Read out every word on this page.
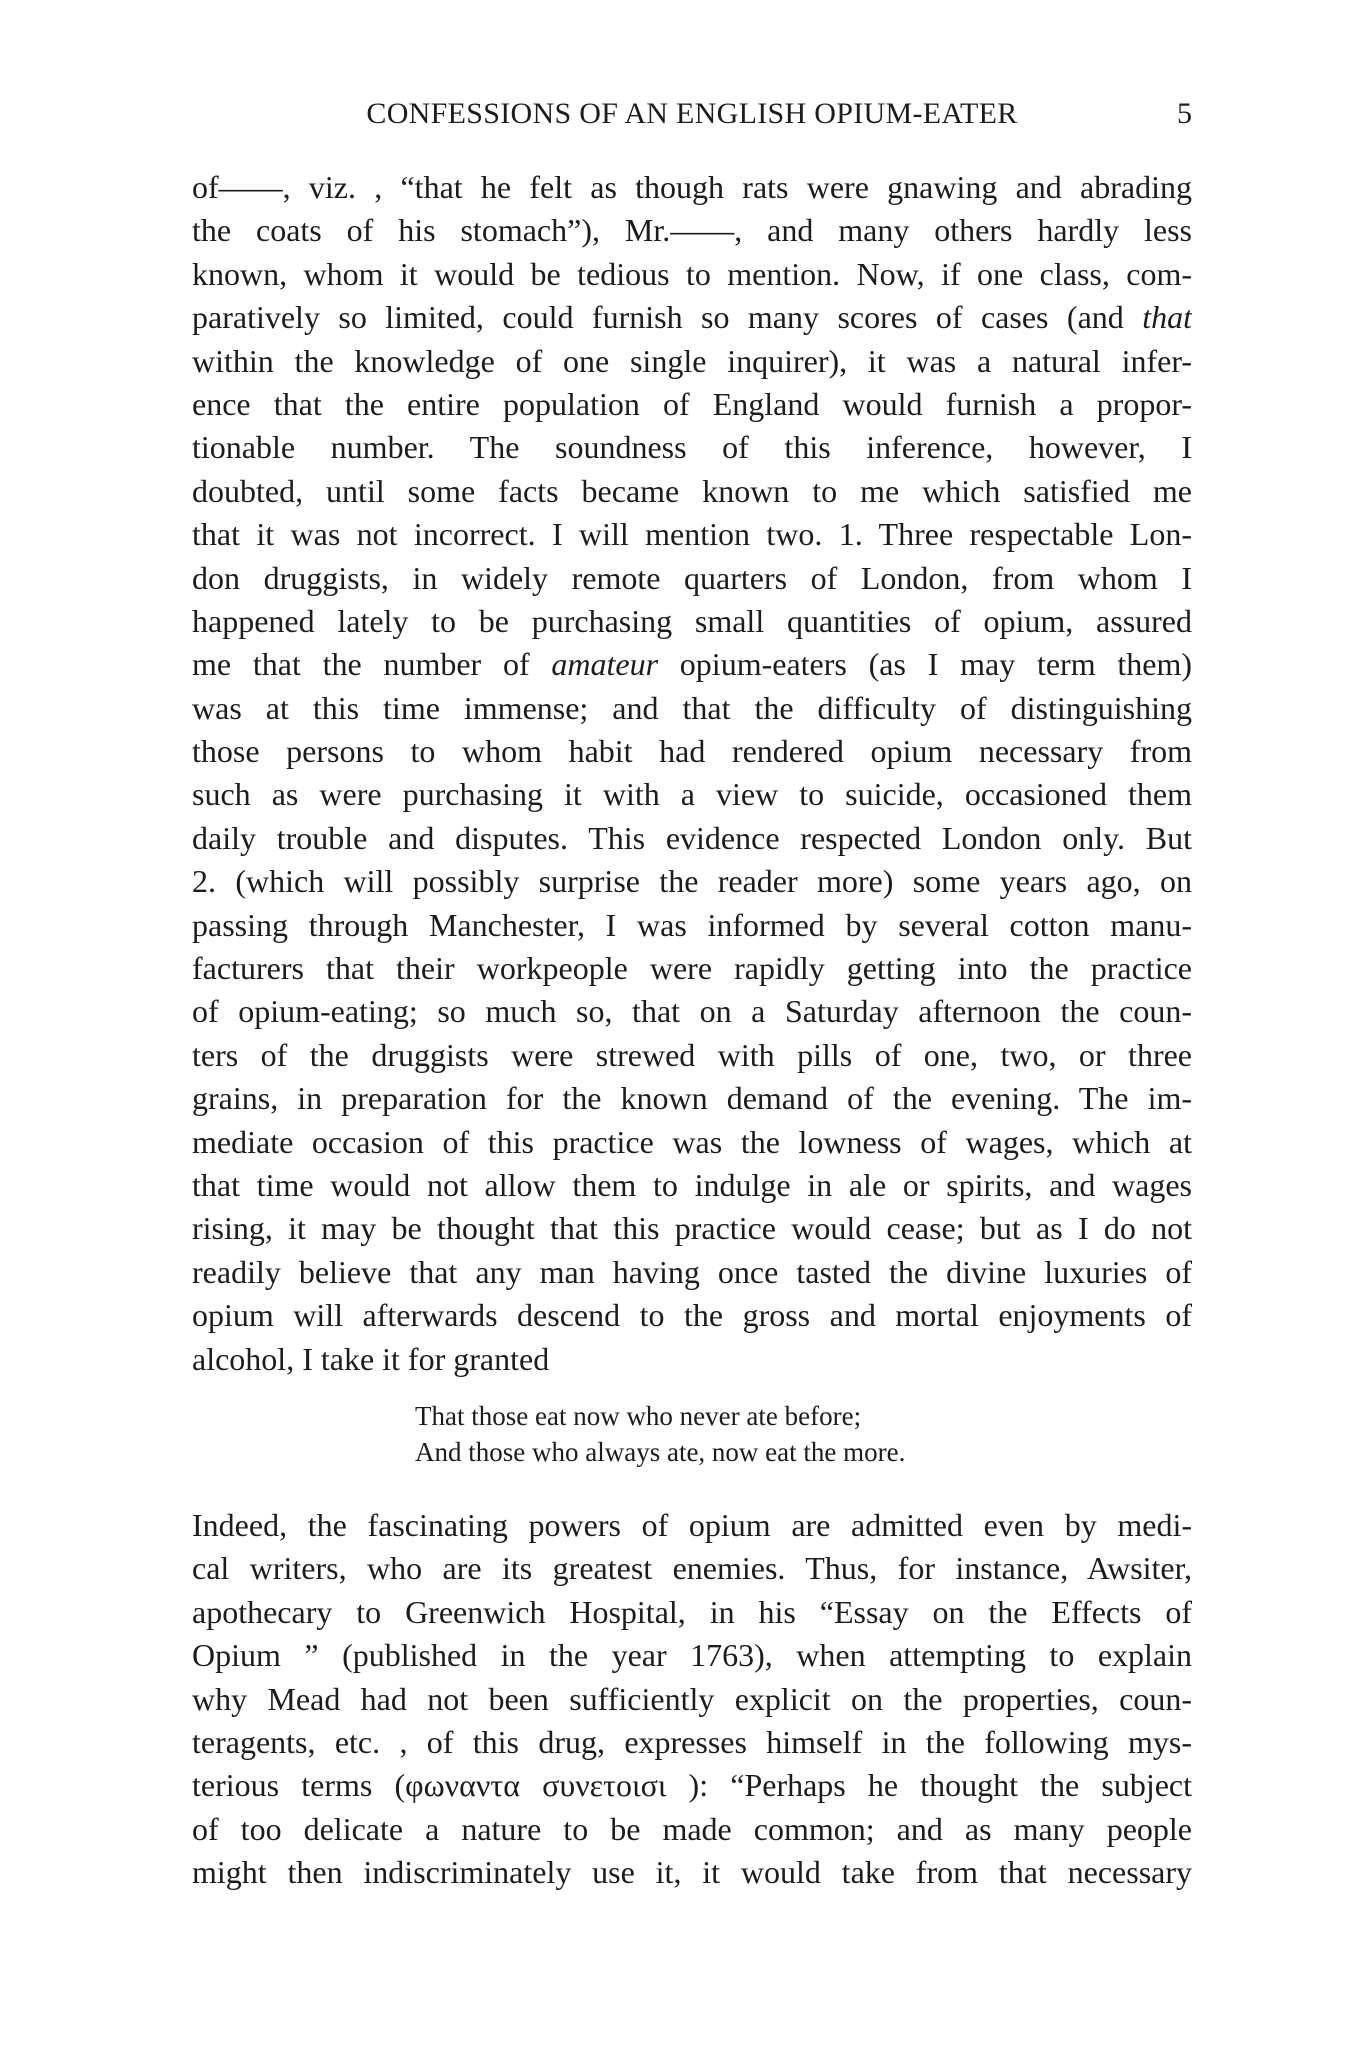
CONFESSIONS OF AN ENGLISH OPIUM-EATER	5
of——, viz. , “that he felt as though rats were gnawing and abrading
the coats of his stomach”), Mr.——, and many others hardly less
known, whom it would be tedious to mention. Now, if one class, com-
paratively so limited, could furnish so many scores of cases (and that
within the knowledge of one single inquirer), it was a natural infer-
ence that the entire population of England would furnish a propor-
tionable number. The soundness of this inference, however, I
doubted, until some facts became known to me which satisfied me
that it was not incorrect. I will mention two. 1. Three respectable Lon-
don druggists, in widely remote quarters of London, from whom I
happened lately to be purchasing small quantities of opium, assured
me that the number of amateur opium-eaters (as I may term them)
was at this time immense; and that the difficulty of distinguishing
those persons to whom habit had rendered opium necessary from
such as were purchasing it with a view to suicide, occasioned them
daily trouble and disputes. This evidence respected London only. But
2. (which will possibly surprise the reader more) some years ago, on
passing through Manchester, I was informed by several cotton manu-
facturers that their workpeople were rapidly getting into the practice
of opium-eating; so much so, that on a Saturday afternoon the coun-
ters of the druggists were strewed with pills of one, two, or three
grains, in preparation for the known demand of the evening. The im-
mediate occasion of this practice was the lowness of wages, which at
that time would not allow them to indulge in ale or spirits, and wages
rising, it may be thought that this practice would cease; but as I do not
readily believe that any man having once tasted the divine luxuries of
opium will afterwards descend to the gross and mortal enjoyments of
alcohol, I take it for granted
That those eat now who never ate before;
And those who always ate, now eat the more.
Indeed, the fascinating powers of opium are admitted even by medi-
cal writers, who are its greatest enemies. Thus, for instance, Awsiter,
apothecary to Greenwich Hospital, in his “Essay on the Effects of
Opium ” (published in the year 1763), when attempting to explain
why Mead had not been sufficiently explicit on the properties, coun-
teragents, etc. , of this drug, expresses himself in the following mys-
terious terms (φωναντα συνετοισι ): “Perhaps he thought the subject
of too delicate a nature to be made common; and as many people
might then indiscriminately use it, it would take from that necessary
